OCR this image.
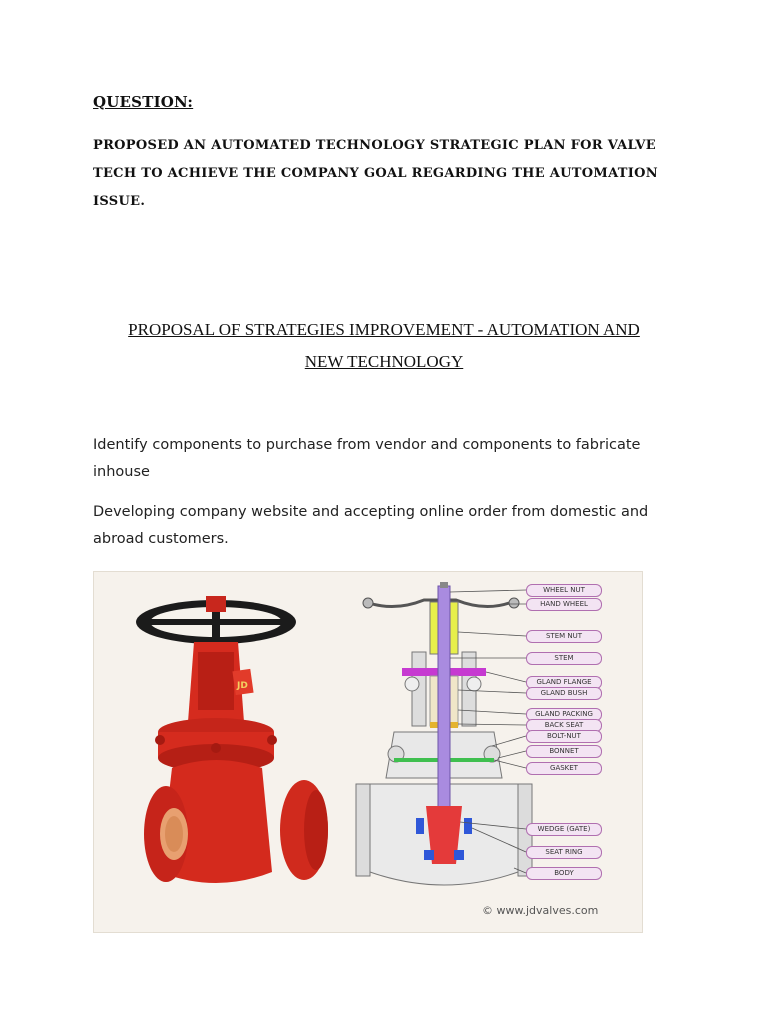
QUESTION:

PROPOSED AN AUTOMATED TECHNOLOGY STRATEGIC PLAN FOR VALVE TECH TO ACHIEVE THE COMPANY GOAL REGARDING THE AUTOMATION ISSUE.

PROPOSAL OF STRATEGIES IMPROVEMENT - AUTOMATION AND
NEW TECHNOLOGY

Identify components to purchase from vendor and components to fabricate inhouse

Developing company website and accepting online order from domestic and abroad customers.

JD
WHEEL NUT
HAND WHEEL
STEM NUT
STEM
GLAND FLANGE
GLAND BUSH
GLAND PACKING
BACK SEAT
BOLT-NUT
BONNET
GASKET
WEDGE (GATE)
SEAT RING
BODY
© www.jdvalves.com
